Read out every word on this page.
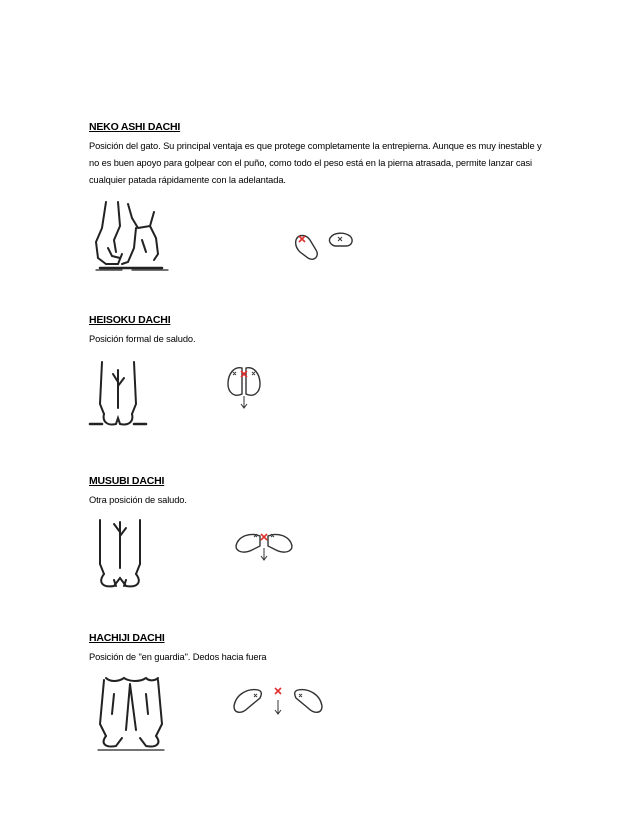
NEKO ASHI DACHI
Posición del gato. Su principal ventaja es que protege completamente la entrepierna. Aunque es muy inestable y no es buen apoyo para golpear con el puño, como todo el peso está en la pierna atrasada, permite lanzar casi cualquier patada rápidamente con la adelantada.
HEISOKU DACHI
Posición formal de saludo.
MUSUBI DACHI
Otra posición de saludo.
HACHIJI DACHI
Posición de "en guardia". Dedos hacia fuera
